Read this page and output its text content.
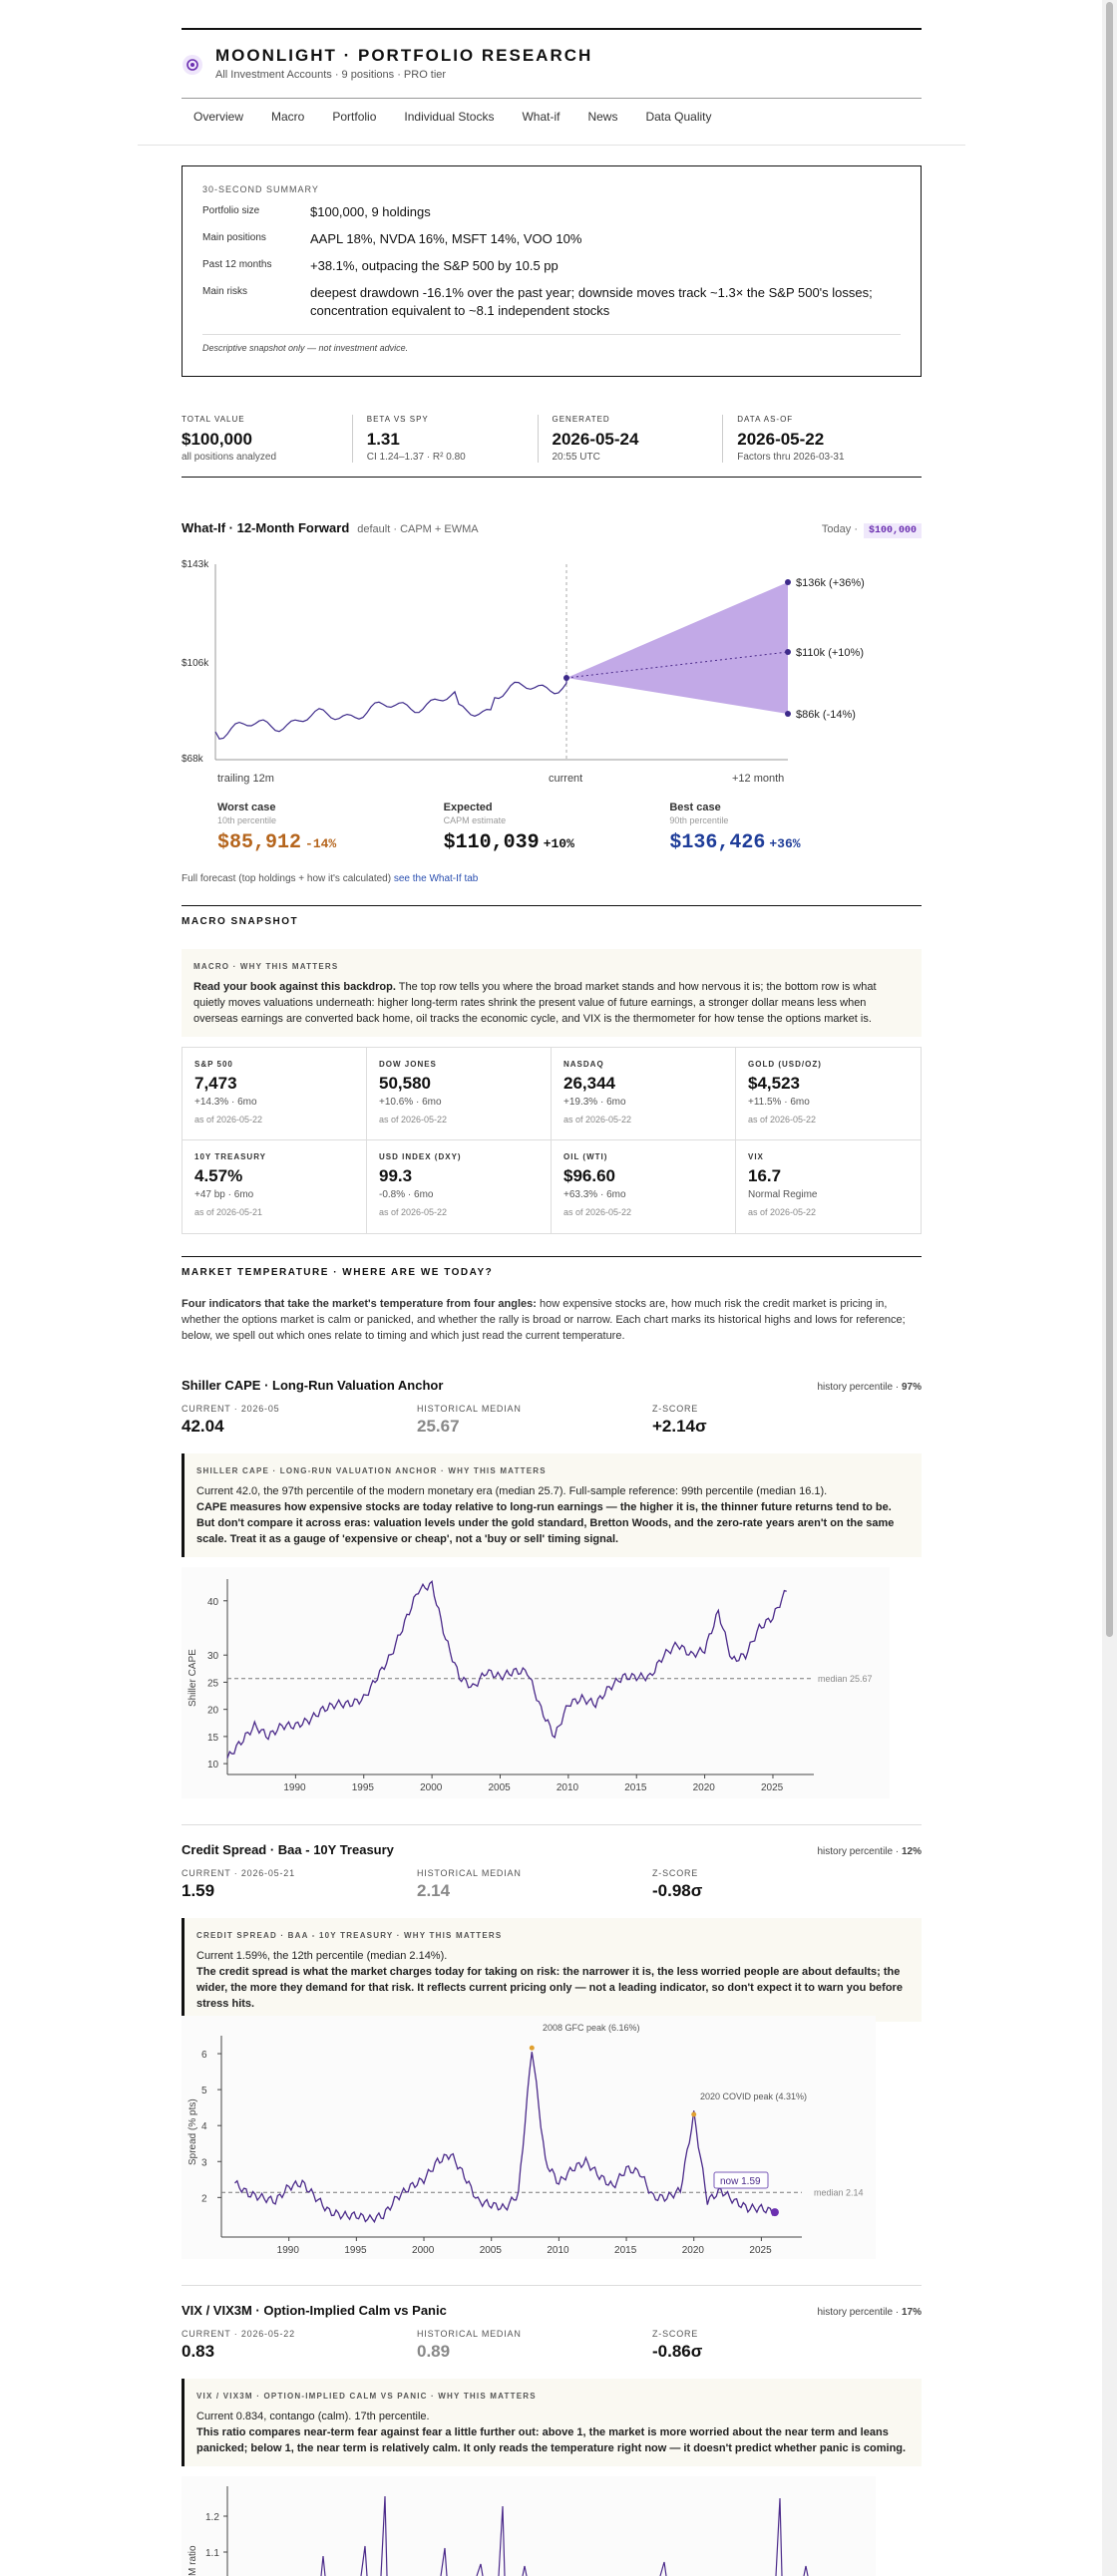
MOONLIGHT · PORTFOLIO RESEARCH
All Investment Accounts · 9 positions · PRO tier
Overview Macro Portfolio Individual Stocks What-if News Data Quality
30-SECOND SUMMARY
Portfolio size	$100,000, 9 holdings
Main positions	AAPL 18%, NVDA 16%, MSFT 14%, VOO 10%
Past 12 months	+38.1%, outpacing the S&P 500 by 10.5 pp
Main risks	deepest drawdown -16.1% over the past year; downside moves track ~1.3× the S&P 500's losses; concentration equivalent to ~8.1 independent stocks
Descriptive snapshot only — not investment advice.
TOTAL VALUE
$100,000
all positions analyzed
BETA VS SPY
1.31
CI 1.24–1.37 · R² 0.80
GENERATED
2026-05-24
20:55 UTC
DATA AS-OF
2026-05-22
Factors thru 2026-03-31
What-If · 12-Month Forward default · CAPM + EWMA	Today ·	$100,000
$143k
$106k
$68k
$136k (+36%)
$110k (+10%)
$86k (-14%)
trailing 12m	current	+12 month
Worst case
10th percentile
$85,912 -14%
Expected
CAPM estimate
$110,039 +10%
Best case
90th percentile
$136,426 +36%
Full forecast (top holdings + how it's calculated) see the What-If tab
MACRO SNAPSHOT
MACRO · WHY THIS MATTERS
Read your book against this backdrop. The top row tells you where the broad market stands and how nervous it is; the bottom row is what quietly moves valuations underneath: higher long-term rates shrink the present value of future earnings, a stronger dollar means less when overseas earnings are converted back home, oil tracks the economic cycle, and VIX is the thermometer for how tense the options market is.
S&P 500
7,473
+14.3% · 6mo
as of 2026-05-22
DOW JONES
50,580
+10.6% · 6mo
as of 2026-05-22
NASDAQ
26,344
+19.3% · 6mo
as of 2026-05-22
GOLD (USD/OZ)
$4,523
+11.5% · 6mo
as of 2026-05-22
10Y TREASURY
4.57%
+47 bp · 6mo
as of 2026-05-21
USD INDEX (DXY)
99.3
-0.8% · 6mo
as of 2026-05-22
OIL (WTI)
$96.60
+63.3% · 6mo
as of 2026-05-22
VIX
16.7
Normal Regime
as of 2026-05-22
MARKET TEMPERATURE · WHERE ARE WE TODAY?
Four indicators that take the market's temperature from four angles: how expensive stocks are, how much risk the credit market is pricing in, whether the options market is calm or panicked, and whether the rally is broad or narrow. Each chart marks its historical highs and lows for reference; below, we spell out which ones relate to timing and which just read the current temperature.
Shiller CAPE · Long-Run Valuation Anchor	history percentile · 97%
CURRENT · 2026-05
42.04
HISTORICAL MEDIAN
25.67
Z-SCORE
+2.14σ
SHILLER CAPE · LONG-RUN VALUATION ANCHOR · WHY THIS MATTERS
Current 42.0, the 97th percentile of the modern monetary era (median 25.7). Full-sample reference: 99th percentile (median 16.1).
CAPE measures how expensive stocks are today relative to long-run earnings — the higher it is, the thinner future returns tend to be. But don't compare it across eras: valuation levels under the gold standard, Bretton Woods, and the zero-rate years aren't on the same scale. Treat it as a gauge of 'expensive or cheap', not a 'buy or sell' timing signal.
1990	1995	2000	2005	2010	2015	2020	2025
10
15
20
25
30
40
median 25.67
Shiller CAPE
Credit Spread · Baa - 10Y Treasury	history percentile · 12%
CURRENT · 2026-05-21
1.59
HISTORICAL MEDIAN
2.14
Z-SCORE
-0.98σ
CREDIT SPREAD · BAA - 10Y TREASURY · WHY THIS MATTERS
Current 1.59%, the 12th percentile (median 2.14%).
The credit spread is what the market charges today for taking on risk: the narrower it is, the less worried people are about defaults; the wider, the more they demand for that risk. It reflects current pricing only — not a leading indicator, so don't expect it to warn you before stress hits.
1990	1995	2000	2005	2010	2015	2020	2025
2
3
4
5
6
median 2.14
2008 GFC peak (6.16%)
2020 COVID peak (4.31%)
now 1.59
Spread (% pts)
VIX / VIX3M · Option-Implied Calm vs Panic	history percentile · 17%
CURRENT · 2026-05-22
0.83
HISTORICAL MEDIAN
0.89
Z-SCORE
-0.86σ
VIX / VIX3M · OPTION-IMPLIED CALM VS PANIC · WHY THIS MATTERS
Current 0.834, contango (calm). 17th percentile.
This ratio compares near-term fear against fear a little further out: above 1, the market is more worried about the near term and leans panicked; below 1, the near term is relatively calm. It only reads the temperature right now — it doesn't predict whether panic is coming.
1.2
1.1
M ratio
